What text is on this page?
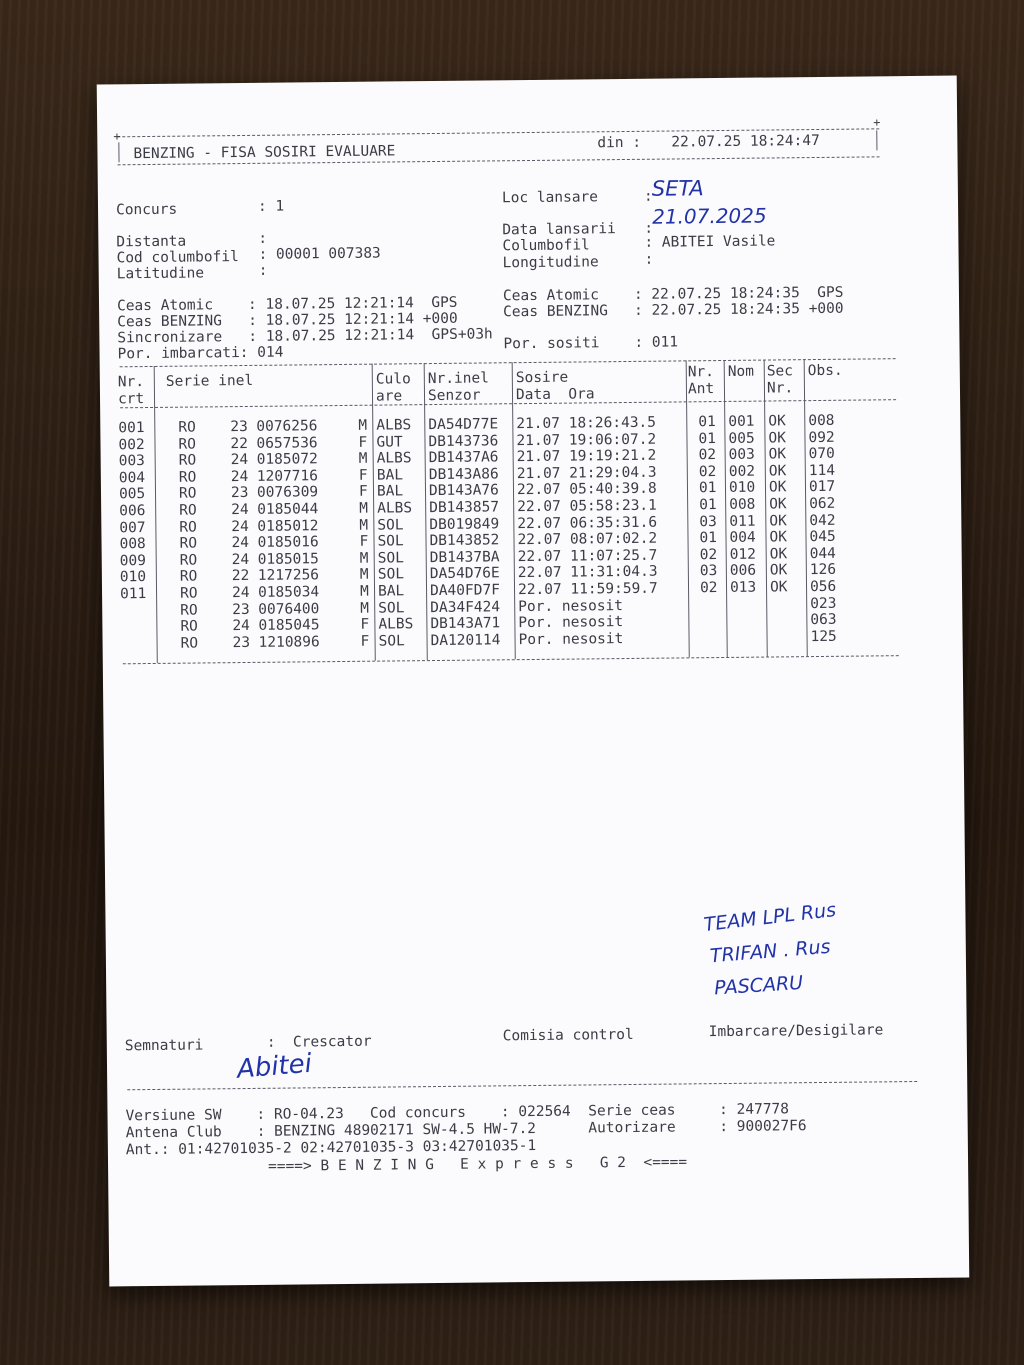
+
+
BENZING - FISA SOSIRI EVALUARE
din : 22.07.25 18:24:47
Concurs	: 1
Loc lansare	:
SETA
Distanta	:
Cod columbofil : 00001 007383
Latitudine	:
Data lansarii :
21.07.2025
Columbofil	: ABITEI Vasile
Longitudine	:
Ceas Atomic    : 18.07.25 12:21:14  GPS
Ceas BENZING   : 18.07.25 12:21:14 +000
Sincronizare   : 18.07.25 12:21:14  GPS+03h
Por. imbarcati: 014
Ceas Atomic    : 22.07.25 18:24:35  GPS
Ceas BENZING   : 22.07.25 18:24:35 +000
Por. sositi    : 011
Nr.
crt
Serie inel	Culo
are
Nr.inel
Senzor
Sosire
Data  Ora
Nr.
Ant
Nom Sec
Nr.
Obs.
001 RO 23 0076256	M ALBS DA54D77E 21.07 18:26:43.5	01 001 OK 008
002 RO 22 0657536	F GUT DB143736 21.07 19:06:07.2	01 005 OK 092
003 RO 24 0185072	M ALBS DB1437A6 21.07 19:19:21.2	02 003 OK 070
004 RO 24 1207716	F BAL DB143A86 21.07 21:29:04.3	02 002 OK 114
005 RO 23 0076309	F BAL DB143A76 22.07 05:40:39.8	01 010 OK 017
006 RO 24 0185044	M ALBS DB143857 22.07 05:58:23.1	01 008 OK 062
007 RO 24 0185012	M SOL DB019849 22.07 06:35:31.6	03 011 OK 042
008 RO 24 0185016	F SOL DB143852 22.07 08:07:02.2	01 004 OK 045
009 RO 24 0185015	M SOL DB1437BA 22.07 11:07:25.7	02 012 OK 044
010 RO 22 1217256	M SOL DA54D76E 22.07 11:31:04.3	03 006 OK 126
011 RO 24 0185034	M BAL DA40FD7F 22.07 11:59:59.7	02 013 OK 056
RO 23 0076400	M SOL DA34F424 Por. nesosit	023
RO 24 0185045	F ALBS DB143A71 Por. nesosit	063
RO 23 1210896	F SOL DA120114 Por. nesosit	125
TEAM LPL Rus
TRIFAN . Rus
PASCARU
Semnaturi	:  Crescator	Comisia control	Imbarcare/Desigilare
Abitei
Versiune SW    : RO-04.23   Cod concurs    : 022564  Serie ceas     : 247778
Antena Club    : BENZING 48902171 SW-4.5 HW-7.2      Autorizare     : 900027F6
Ant.: 01:42701035-2 02:42701035-3 03:42701035-1
====> B E N Z I N G   E x p r e s s   G 2  <====
